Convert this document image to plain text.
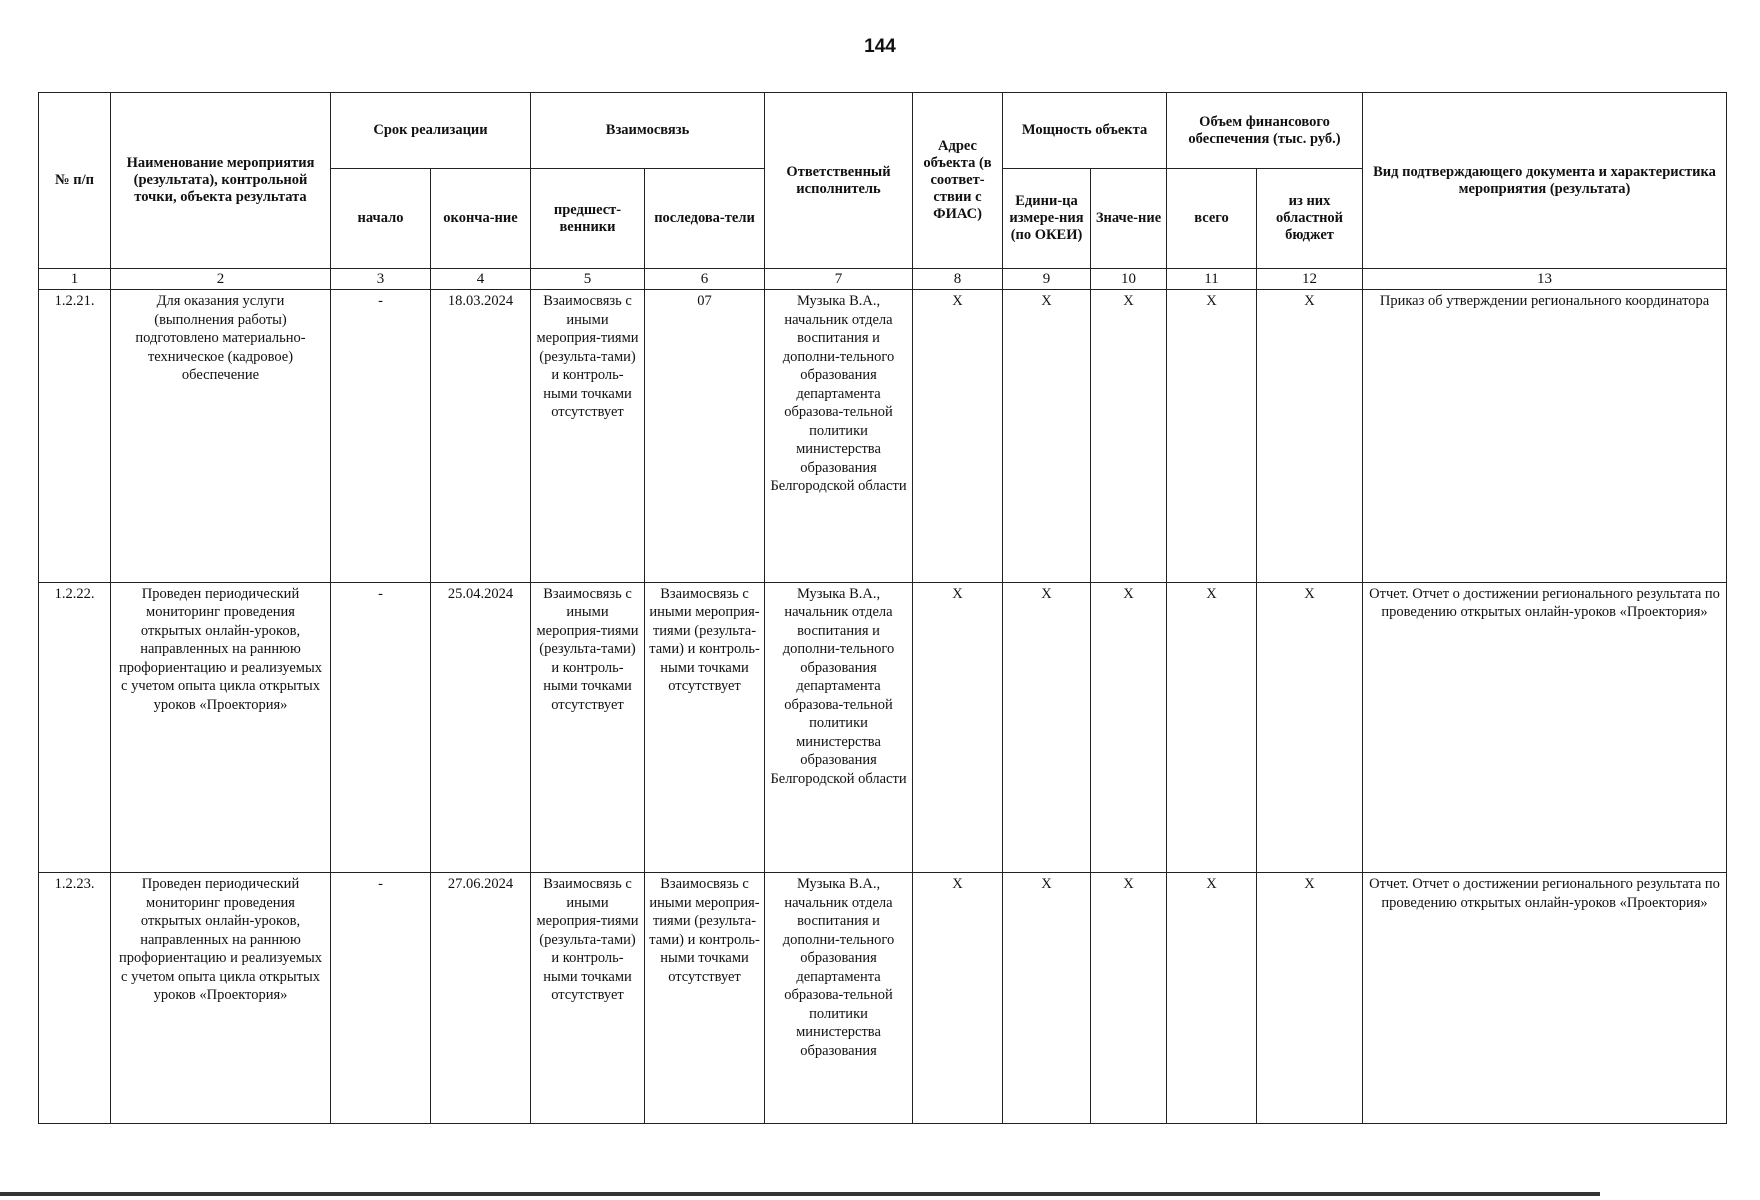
144
№ п/п	Наименование мероприятия (результата), контрольной точки, объекта результата	Срок реализации		Взаимосвязь		Ответственный исполнитель	Адрес объекта (в соответ-ствии с ФИАС)	Мощность объекта		Объем финансового обеспечения (тыс. руб.)		Вид подтверждающего документа и характеристика мероприятия (результата)
		начало	оконча-ние	предшест-венники	последова-тели			Едини-ца измере-ния (по ОКЕИ)	Значе-ние	всего	из них областной бюджет	
1	2	3	4	5	6	7	8	9	10	11	12	13
1.2.21.	Для оказания услуги (выполнения работы) подготовлено материально-техническое (кадровое) обеспечение	-	18.03.2024	Взаимосвязь с иными мероприя-тиями (результа-тами) и контроль-ными точками отсутствует	07	Музыка В.А., начальник отдела воспитания и дополни-тельного образования департамента образова-тельной политики министерства образования Белгородской области	X	X	X	X	X	Приказ об утверждении регионального координатора
1.2.22.	Проведен периодический мониторинг проведения открытых онлайн-уроков, направленных на раннюю профориентацию и реализуемых с учетом опыта цикла открытых уроков «Проектория»	-	25.04.2024	Взаимосвязь с иными мероприя-тиями (результа-тами) и контроль-ными точками отсутствует	Взаимосвязь с иными мероприя-тиями (результа-тами) и контроль-ными точками отсутствует	Музыка В.А., начальник отдела воспитания и дополни-тельного образования департамента образова-тельной политики министерства образования Белгородской области	X	X	X	X	X	Отчет. Отчет о достижении регионального результата по проведению открытых онлайн-уроков «Проектория»
1.2.23.	Проведен периодический мониторинг проведения открытых онлайн-уроков, направленных на раннюю профориентацию и реализуемых с учетом опыта цикла открытых уроков «Проектория»	-	27.06.2024	Взаимосвязь с иными мероприя-тиями (результа-тами) и контроль-ными точками отсутствует	Взаимосвязь с иными мероприя-тиями (результа-тами) и контроль-ными точками отсутствует	Музыка В.А., начальник отдела воспитания и дополни-тельного образования департамента образова-тельной политики министерства образования	X	X	X	X	X	Отчет. Отчет о достижении регионального результата по проведению открытых онлайн-уроков «Проектория»
